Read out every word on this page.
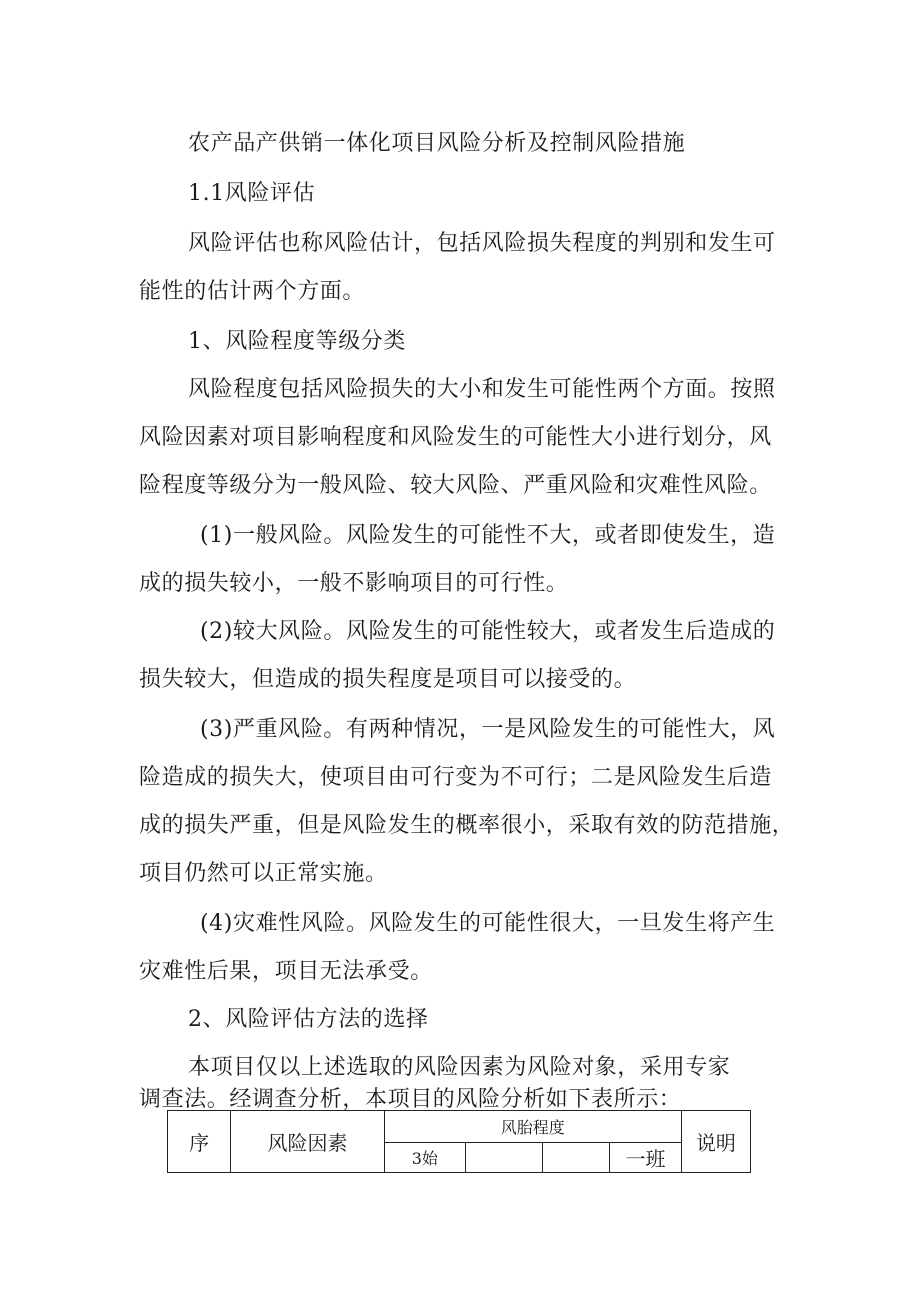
农产品产供销一体化项目风险分析及控制风险措施
1.1风险评估
风险评估也称风险估计，包括风险损失程度的判别和发生可
能性的估计两个方面。
1、风险程度等级分类
风险程度包括风险损失的大小和发生可能性两个方面。按照
风险因素对项目影响程度和风险发生的可能性大小进行划分，风
险程度等级分为一般风险、较大风险、严重风险和灾难性风险。
(1)一般风险。风险发生的可能性不大，或者即使发生，造
成的损失较小，一般不影响项目的可行性。
(2)较大风险。风险发生的可能性较大，或者发生后造成的
损失较大，但造成的损失程度是项目可以接受的。
(3)严重风险。有两种情况，一是风险发生的可能性大，风
险造成的损失大，使项目由可行变为不可行；二是风险发生后造
成的损失严重，但是风险发生的概率很小，采取有效的防范措施，
项目仍然可以正常实施。
(4)灾难性风险。风险发生的可能性很大，一旦发生将产生
灾难性后果，项目无法承受。
2、风险评估方法的选择
本项目仅以上述选取的风险因素为风险对象，采用专家
调查法。经调查分析，本项目的风险分析如下表所示：
序	风险因素	风胎程度				说明
		3始			一班	
